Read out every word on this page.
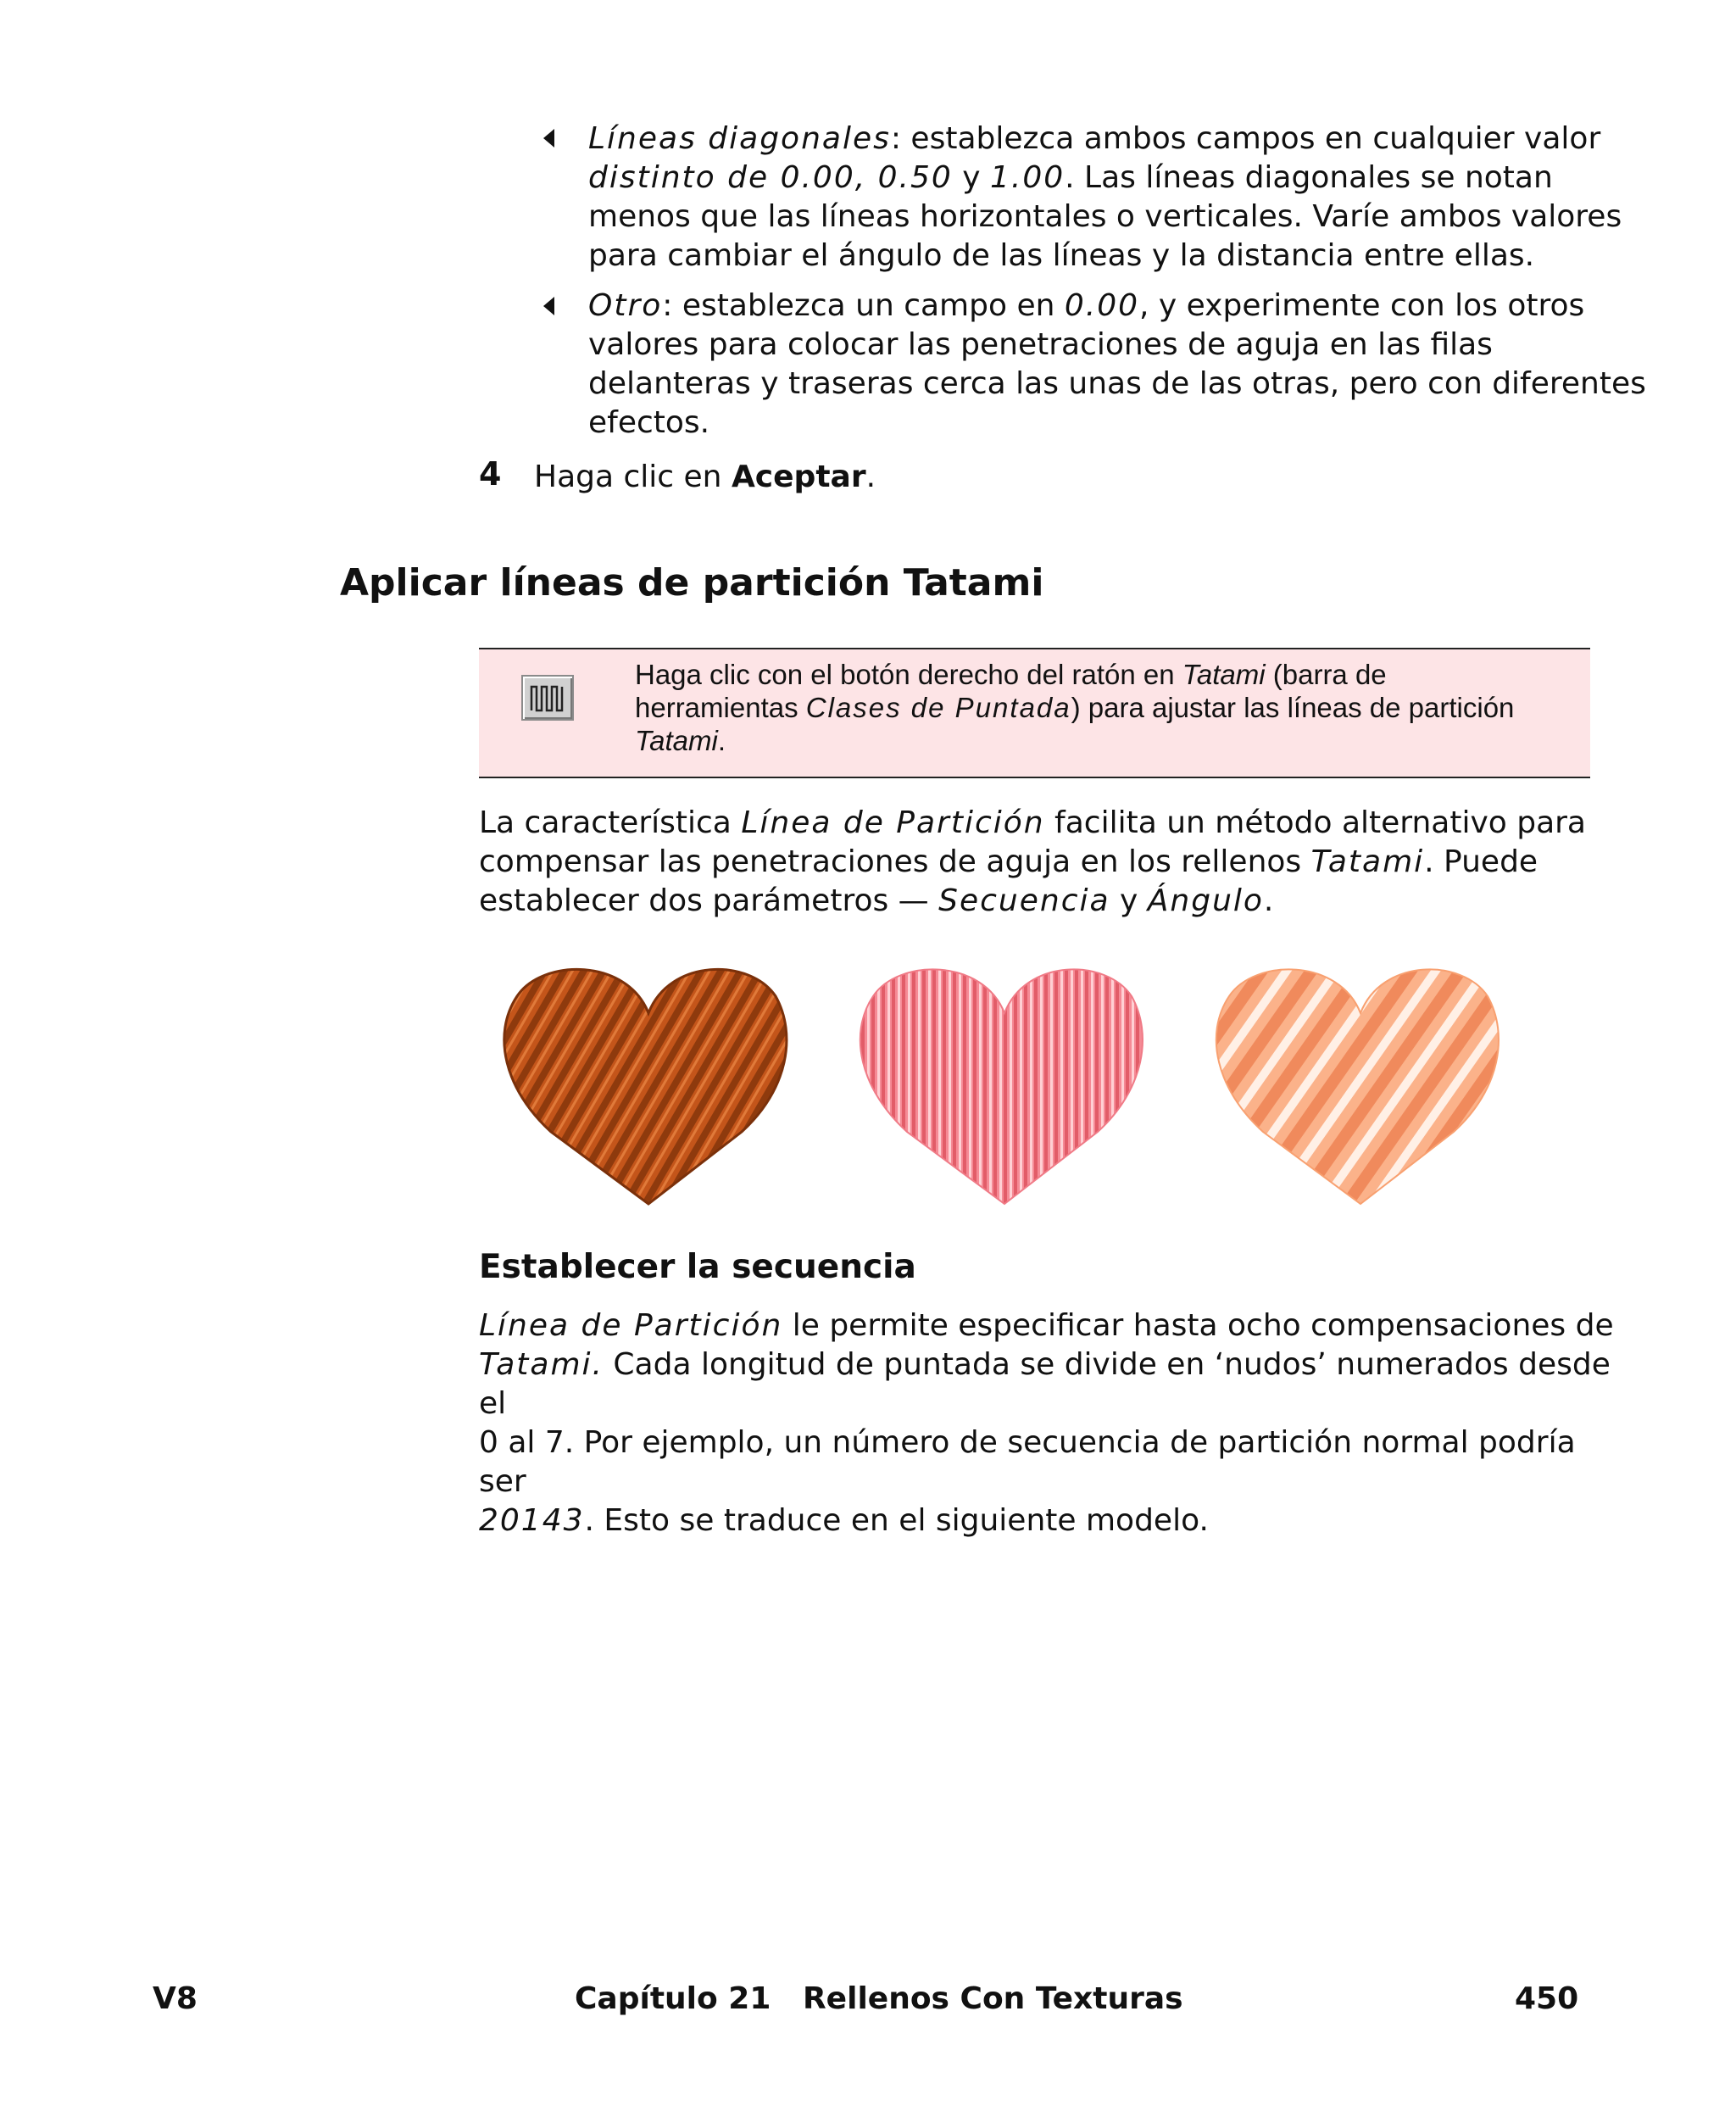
Líneas diagonales: establezca ambos campos en cualquier valor
distinto de 0.00, 0.50 y 1.00. Las líneas diagonales se notan
menos que las líneas horizontales o verticales. Varíe ambos valores
para cambiar el ángulo de las líneas y la distancia entre ellas.
Otro: establezca un campo en 0.00, y experimente con los otros
valores para colocar las penetraciones de aguja en las filas
delanteras y traseras cerca las unas de las otras, pero con diferentes
efectos.
4 Haga clic en Aceptar.
Aplicar líneas de partición Tatami
Haga clic con el botón derecho del ratón en Tatami (barra de
herramientas Clases de Puntada) para ajustar las líneas de partición
Tatami.
La característica Línea de Partición facilita un método alternativo para
compensar las penetraciones de aguja en los rellenos Tatami. Puede
establecer dos parámetros — Secuencia y Ángulo.
Establecer la secuencia
Línea de Partición le permite especificar hasta ocho compensaciones de
Tatami. Cada longitud de puntada se divide en ‘nudos’ numerados desde el
0 al 7. Por ejemplo, un número de secuencia de partición normal podría ser
20143. Esto se traduce en el siguiente modelo.
V8	Capítulo 21   Rellenos Con Texturas	450
